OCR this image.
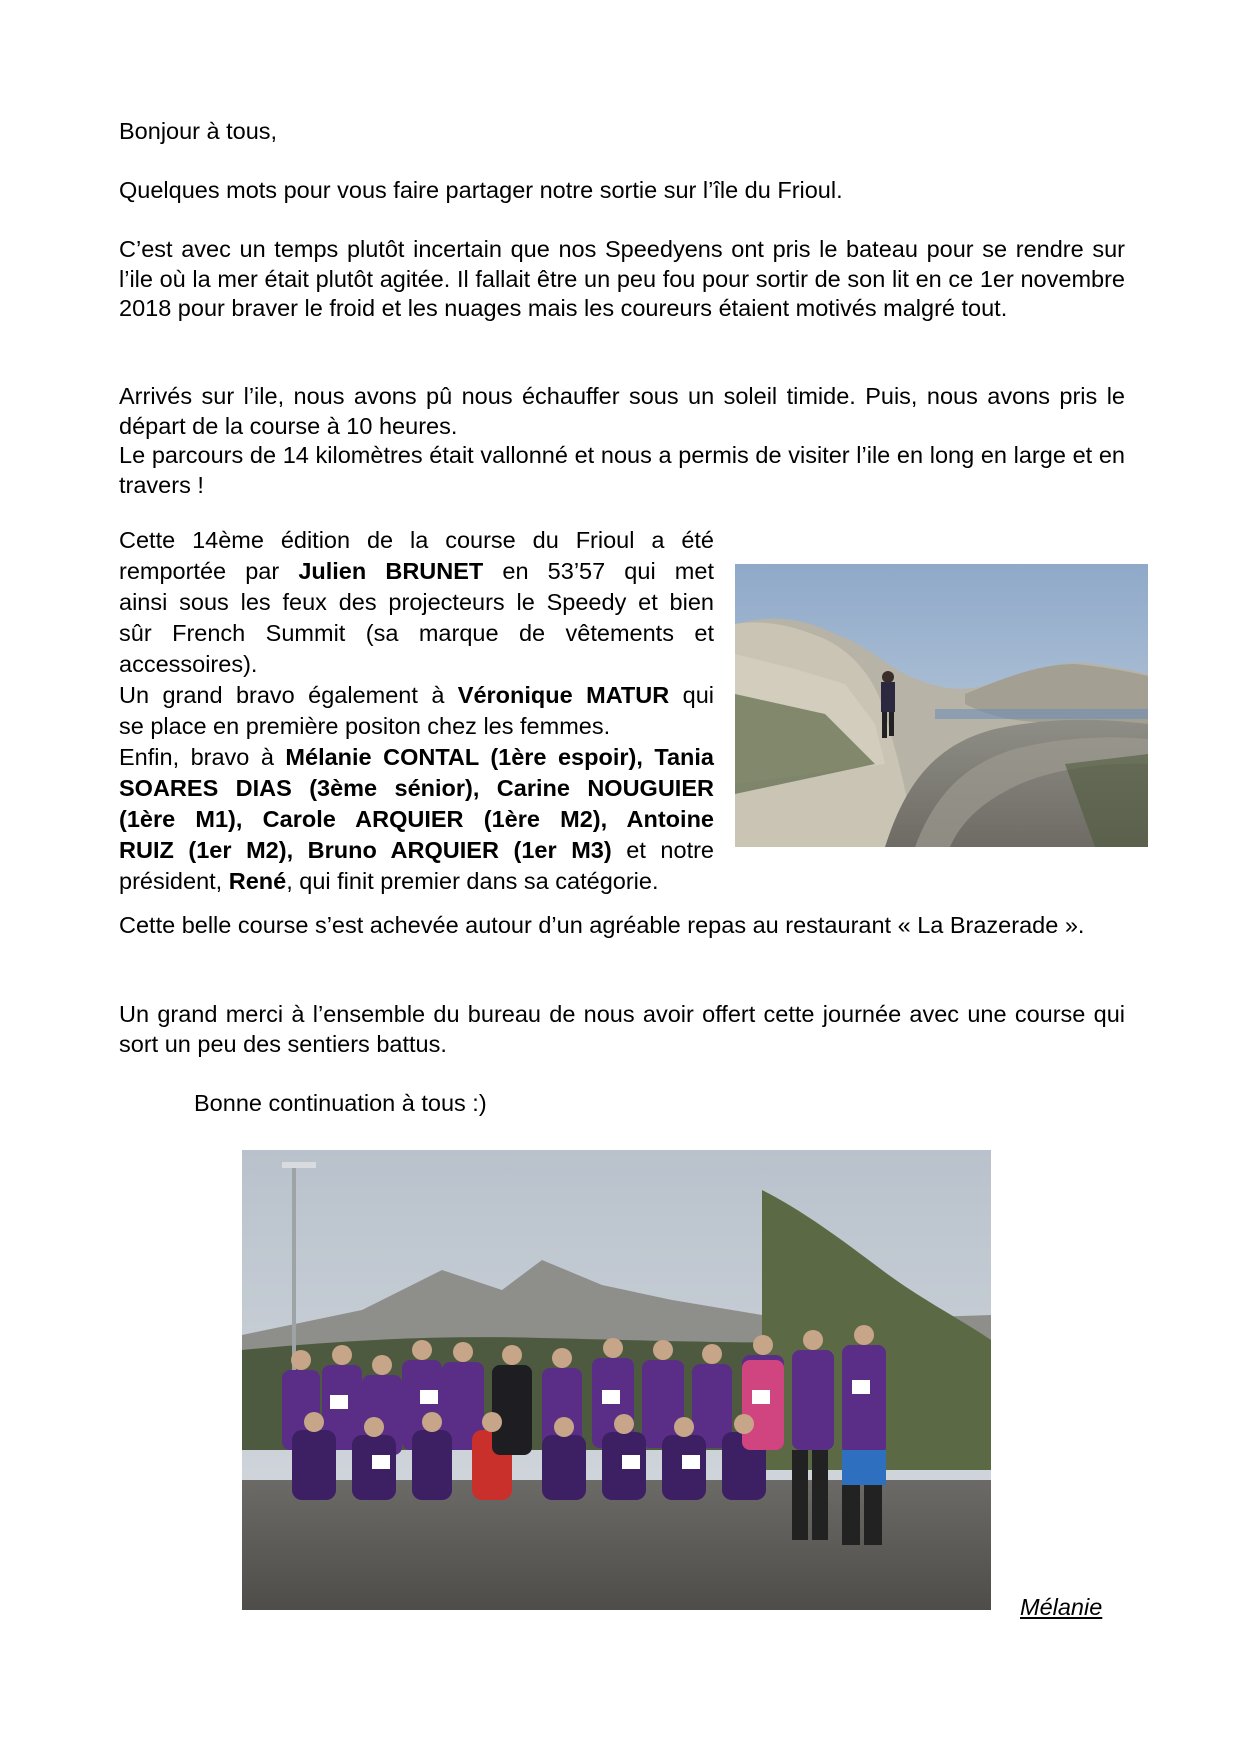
Bonjour à tous,

Quelques mots pour vous faire partager notre sortie sur l’île du Frioul.

C’est avec un temps plutôt incertain que nos Speedyens ont pris le bateau pour se rendre sur l’ile où la mer était plutôt agitée. Il fallait être un peu fou pour sortir de son lit en ce 1er novembre 2018 pour braver le froid et les nuages mais les coureurs étaient motivés malgré tout.

Arrivés sur l’ile, nous avons pû nous échauffer sous un soleil timide. Puis, nous avons pris le départ de la course à 10 heures.

Le parcours de 14 kilomètres était vallonné et nous a permis de visiter l’ile en long en large et en travers !

Cette 14ème édition de la course du Frioul a été
remportée par Julien BRUNET en 53’57 qui met
ainsi sous les feux des projecteurs le Speedy et bien
sûr French Summit (sa marque de vêtements et
accessoires).
Un grand bravo également à Véronique MATUR qui
se place en première positon chez les femmes.
Enfin, bravo à Mélanie CONTAL (1ère espoir), Tania
SOARES DIAS (3ème sénior), Carine NOUGUIER
(1ère M1), Carole ARQUIER (1ère M2), Antoine
RUIZ (1er M2), Bruno ARQUIER (1er M3) et notre
président, René, qui finit premier dans sa catégorie.

Cette belle course s’est achevée autour d’un agréable repas au restaurant « La Brazerade ».

Un grand merci à l’ensemble du bureau de nous avoir offert cette journée avec une course qui sort un peu des sentiers battus.

Bonne continuation à tous :)

Mélanie
